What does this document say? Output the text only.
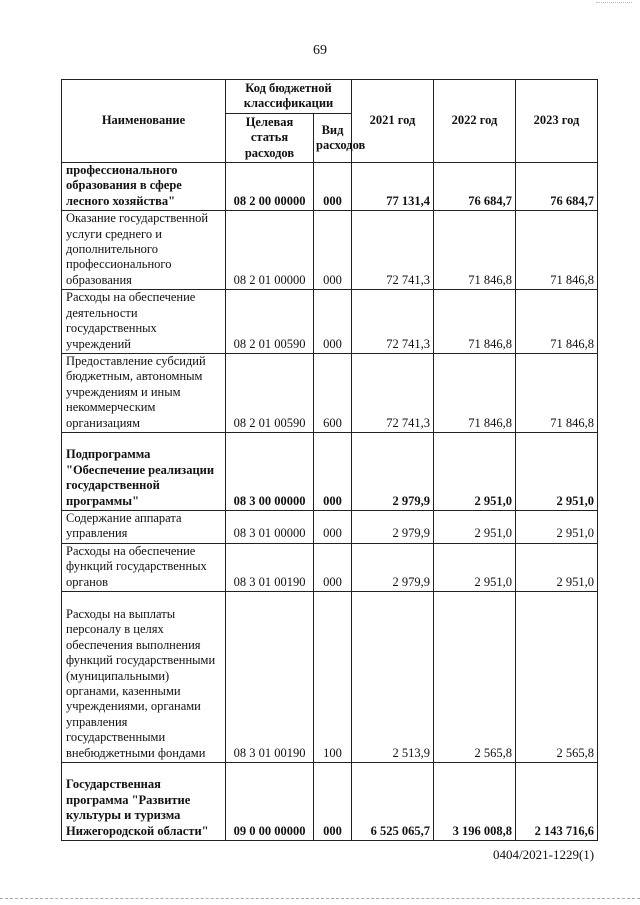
69
Наименование	Код бюджетной классификации		2021 год	2022 год	2023 год
	Целевая статья расходов	Вид расходов			
профессионального образования в сфере лесного хозяйства"	08 2 00 00000	000	77 131,4	76 684,7	76 684,7
Оказание государственной услуги среднего и дополнительного профессионального образования	08 2 01 00000	000	72 741,3	71 846,8	71 846,8
Расходы на обеспечение деятельности государственных учреждений	08 2 01 00590	000	72 741,3	71 846,8	71 846,8
Предоставление субсидий бюджетным, автономным учреждениям и иным некоммерческим организациям	08 2 01 00590	600	72 741,3	71 846,8	71 846,8
Подпрограмма "Обеспечение реализации государственной программы"	08 3 00 00000	000	2 979,9	2 951,0	2 951,0
Содержание аппарата управления	08 3 01 00000	000	2 979,9	2 951,0	2 951,0
Расходы на обеспечение функций государственных органов	08 3 01 00190	000	2 979,9	2 951,0	2 951,0
Расходы на выплаты персоналу в целях обеспечения выполнения функций государственными (муниципальными) органами, казенными учреждениями, органами управления государственными внебюджетными фондами	08 3 01 00190	100	2 513,9	2 565,8	2 565,8
Государственная программа "Развитие культуры и туризма Нижегородской области"	09 0 00 00000	000	6 525 065,7	3 196 008,8	2 143 716,6
0404/2021-1229(1)
